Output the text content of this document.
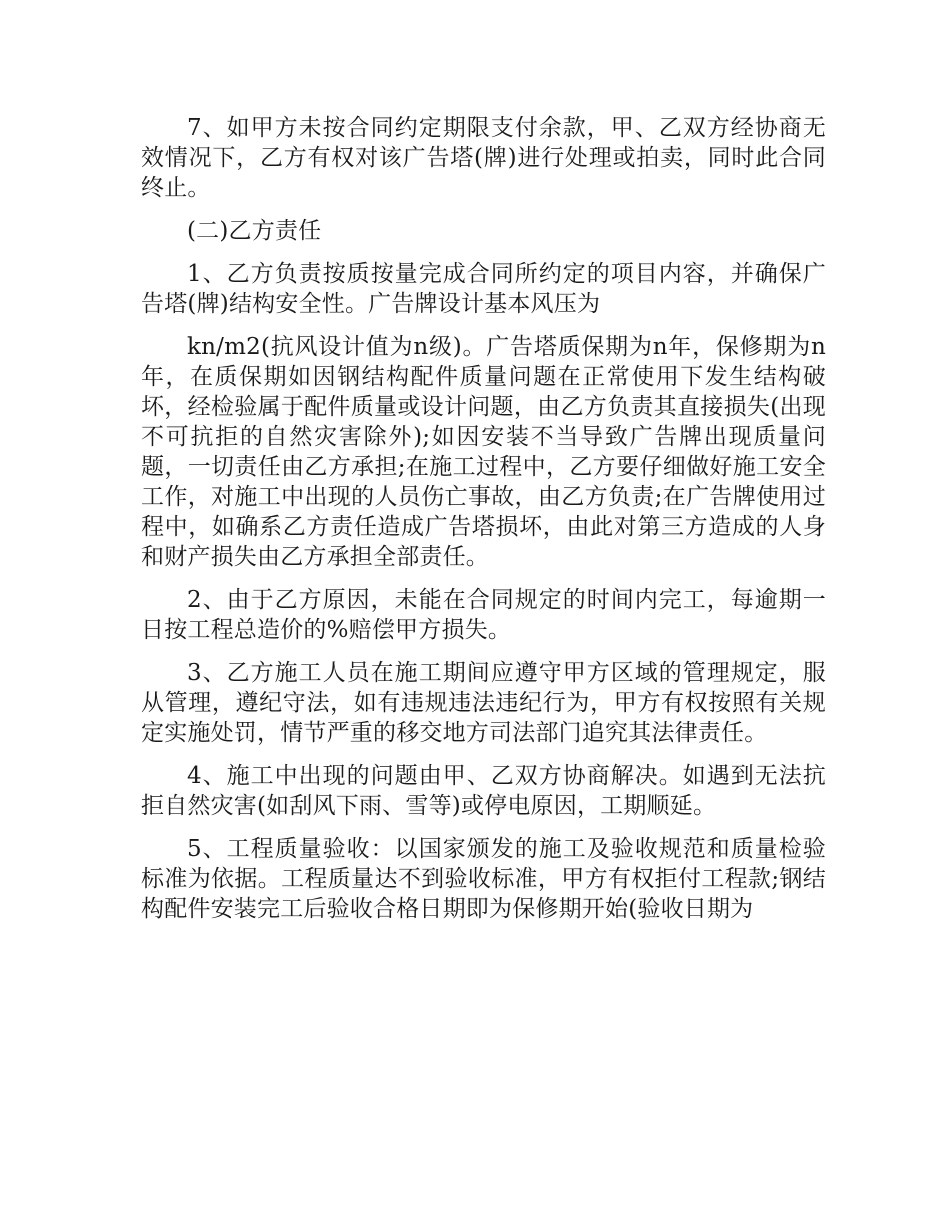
7、如甲方未按合同约定期限支付余款，甲、乙双方经协商无效情况下，乙方有权对该广告塔(牌)进行处理或拍卖，同时此合同终止。

(二)乙方责任

1、乙方负责按质按量完成合同所约定的项目内容，并确保广告塔(牌)结构安全性。广告牌设计基本风压为

kn/m2(抗风设计值为n级)。广告塔质保期为n年，保修期为n年，在质保期如因钢结构配件质量问题在正常使用下发生结构破坏，经检验属于配件质量或设计问题，由乙方负责其直接损失(出现不可抗拒的自然灾害除外);如因安装不当导致广告牌出现质量问题，一切责任由乙方承担;在施工过程中，乙方要仔细做好施工安全工作，对施工中出现的人员伤亡事故，由乙方负责;在广告牌使用过程中，如确系乙方责任造成广告塔损坏，由此对第三方造成的人身和财产损失由乙方承担全部责任。

2、由于乙方原因，未能在合同规定的时间内完工，每逾期一日按工程总造价的%赔偿甲方损失。

3、乙方施工人员在施工期间应遵守甲方区域的管理规定，服从管理，遵纪守法，如有违规违法违纪行为，甲方有权按照有关规定实施处罚，情节严重的移交地方司法部门追究其法律责任。

4、施工中出现的问题由甲、乙双方协商解决。如遇到无法抗拒自然灾害(如刮风下雨、雪等)或停电原因，工期顺延。

5、工程质量验收：以国家颁发的施工及验收规范和质量检验标准为依据。工程质量达不到验收标准，甲方有权拒付工程款;钢结构配件安装完工后验收合格日期即为保修期开始(验收日期为
